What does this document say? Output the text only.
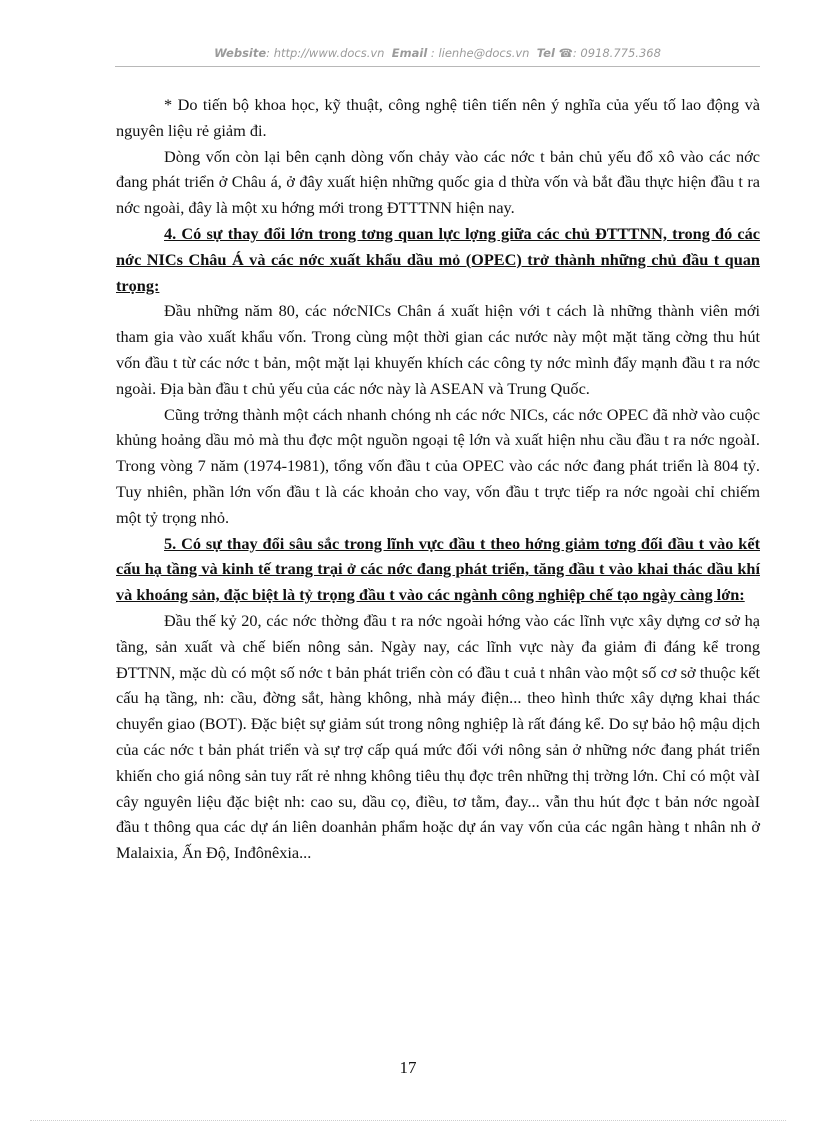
Website: http://www.docs.vn Email : lienhe@docs.vn Tel ☎: 0918.775.368

* Do tiến bộ khoa học, kỹ thuật, công nghệ tiên tiến nên ý nghĩa của yếu tố lao động và nguyên liệu rẻ giảm đi.

Dòng vốn còn lại bên cạnh dòng vốn chảy vào các nớc t bản chủ yếu đổ xô vào các nớc đang phát triển ở Châu á, ở đây xuất hiện những quốc gia d thừa vốn và bắt đầu thực hiện đầu t ra nớc ngoài, đây là một xu hớng mới trong ĐTTTNN hiện nay.

4. Có sự thay đổi lớn trong tơng quan lực lợng giữa các chủ ĐTTTNN, trong đó các nớc NICs Châu Á và các nớc xuất khẩu dầu mỏ (OPEC) trở thành những chủ đầu t quan trọng:

Đầu những năm 80, các nớcNICs Chân á xuất hiện với t cách là những thành viên mới tham gia vào xuất khẩu vốn. Trong cùng một thời gian các nước này một mặt tăng cờng thu hút vốn đầu t từ các nớc t bản, một mặt lại khuyến khích các công ty nớc mình đẩy mạnh đầu t ra nớc ngoài. Địa bàn đầu t chủ yếu của các nớc này là ASEAN và Trung Quốc.

Cũng trởng thành một cách nhanh chóng nh các nớc NICs, các nớc OPEC đã nhờ vào cuộc khủng hoảng dầu mỏ mà thu đợc một nguồn ngoại tệ lớn và xuất hiện nhu cầu đầu t ra nớc ngoàI. Trong vòng 7 năm (1974-1981), tổng vốn đầu t của OPEC vào các nớc đang phát triển là 804 tỷ. Tuy nhiên, phần lớn vốn đầu t là các khoản cho vay, vốn đầu t trực tiếp ra nớc ngoài chỉ chiếm một tỷ trọng nhỏ.

5. Có sự thay đổi sâu sắc trong lĩnh vực đầu t theo hớng giảm tơng đối đầu t vào kết cấu hạ tầng và kinh tế trang trại ở các nớc đang phát triển, tăng đầu t vào khai thác dầu khí và khoáng sản, đặc biệt là tỷ trọng đầu t vào các ngành công nghiệp chế tạo ngày càng lớn:

Đầu thế kỷ 20, các nớc thờng đầu t ra nớc ngoài hớng vào các lĩnh vực xây dựng cơ sở hạ tầng, sản xuất và chế biến nông sản. Ngày nay, các lĩnh vực này đa giảm đi đáng kể trong ĐTTNN, mặc dù có một số nớc t bản phát triển còn có đầu t cuả t nhân vào một số cơ sở thuộc kết cấu hạ tầng, nh: cầu, đờng sắt, hàng không, nhà máy điện... theo hình thức xây dựng khai thác chuyển giao (BOT). Đặc biệt sự giảm sút trong nông nghiệp là rất đáng kể. Do sự bảo hộ mậu dịch của các nớc t bản phát triển và sự trợ cấp quá mức đối với nông sản ở những nớc đang phát triển khiến cho giá nông sản tuy rất rẻ nhng không tiêu thụ đợc trên những thị trờng lớn. Chỉ có một vàI cây nguyên liệu đặc biệt nh: cao su, dầu cọ, điều, tơ tằm, đay... vẫn thu hút đợc t bản nớc ngoàI đầu t thông qua các dự án liên doanhản phẩm hoặc dự án vay vốn của các ngân hàng t nhân nh ở Malaixia, Ấn Độ, Inđônêxia...

17
